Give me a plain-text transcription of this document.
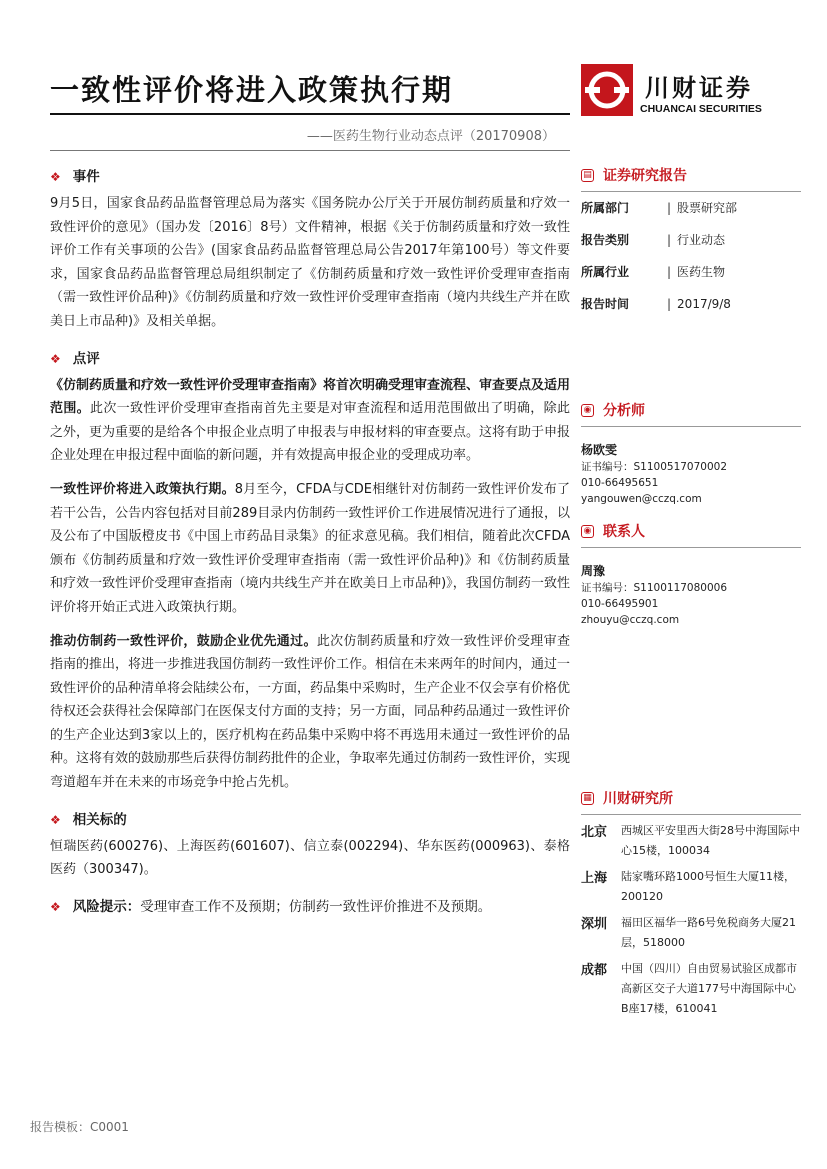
一致性评价将进入政策执行期
——医药生物行业动态点评（20170908）
川财证券
CHUANCAI SECURITIES
❖ 事件

9月5日，国家食品药品监督管理总局为落实《国务院办公厅关于开展仿制药质量和疗效一致性评价的意见》（国办发〔2016〕8号）文件精神，根据《关于仿制药质量和疗效一致性评价工作有关事项的公告》(国家食品药品监督管理总局公告2017年第100号）等文件要求，国家食品药品监督管理总局组织制定了《仿制药质量和疗效一致性评价受理审查指南（需一致性评价品种)》《仿制药质量和疗效一致性评价受理审查指南（境内共线生产并在欧美日上市品种)》及相关单据。

❖ 点评

《仿制药质量和疗效一致性评价受理审查指南》将首次明确受理审查流程、审查要点及适用范围。此次一致性评价受理审查指南首先主要是对审查流程和适用范围做出了明确，除此之外，更为重要的是给各个申报企业点明了申报表与申报材料的审查要点。这将有助于申报企业处理在申报过程中面临的新问题，并有效提高申报企业的受理成功率。

一致性评价将进入政策执行期。8月至今，CFDA与CDE相继针对仿制药一致性评价发布了若干公告，公告内容包括对目前289目录内仿制药一致性评价工作进展情况进行了通报，以及公布了中国版橙皮书《中国上市药品目录集》的征求意见稿。我们相信，随着此次CFDA颁布《仿制药质量和疗效一致性评价受理审查指南（需一致性评价品种)》和《仿制药质量和疗效一致性评价受理审查指南（境内共线生产并在欧美日上市品种)》，我国仿制药一致性评价将开始正式进入政策执行期。

推动仿制药一致性评价，鼓励企业优先通过。此次仿制药质量和疗效一致性评价受理审查指南的推出，将进一步推进我国仿制药一致性评价工作。相信在未来两年的时间内，通过一致性评价的品种清单将会陆续公布，一方面，药品集中采购时，生产企业不仅会享有价格优待权还会获得社会保障部门在医保支付方面的支持；另一方面，同品种药品通过一致性评价的生产企业达到3家以上的，医疗机构在药品集中采购中将不再选用未通过一致性评价的品种。这将有效的鼓励那些后获得仿制药批件的企业，争取率先通过仿制药一致性评价，实现弯道超车并在未来的市场竞争中抢占先机。

❖ 相关标的

恒瑞医药(600276)、上海医药(601607)、信立泰(002294)、华东医药(000963)、泰格医药（300347)。

❖ 风险提示：受理审查工作不及预期；仿制药一致性评价推进不及预期。
▤ 证券研究报告
所属部门	| 股票研究部
报告类别	| 行业动态
所属行业	| 医药生物
报告时间	| 2017/9/8
◉ 分析师
杨欧雯
证书编号：S1100517070002
010-66495651
yangouwen@cczq.com
◉ 联系人
周豫
证书编号：S1100117080006
010-66495901
zhouyu@cczq.com
▦ 川财研究所
北京 西城区平安里西大街28号中海国际中心15楼，100034
上海 陆家嘴环路1000号恒生大厦11楼，200120
深圳 福田区福华一路6号免税商务大厦21层，518000
成都 中国（四川）自由贸易试验区成都市高新区交子大道177号中海国际中心B座17楼，610041
报告模板：C0001
